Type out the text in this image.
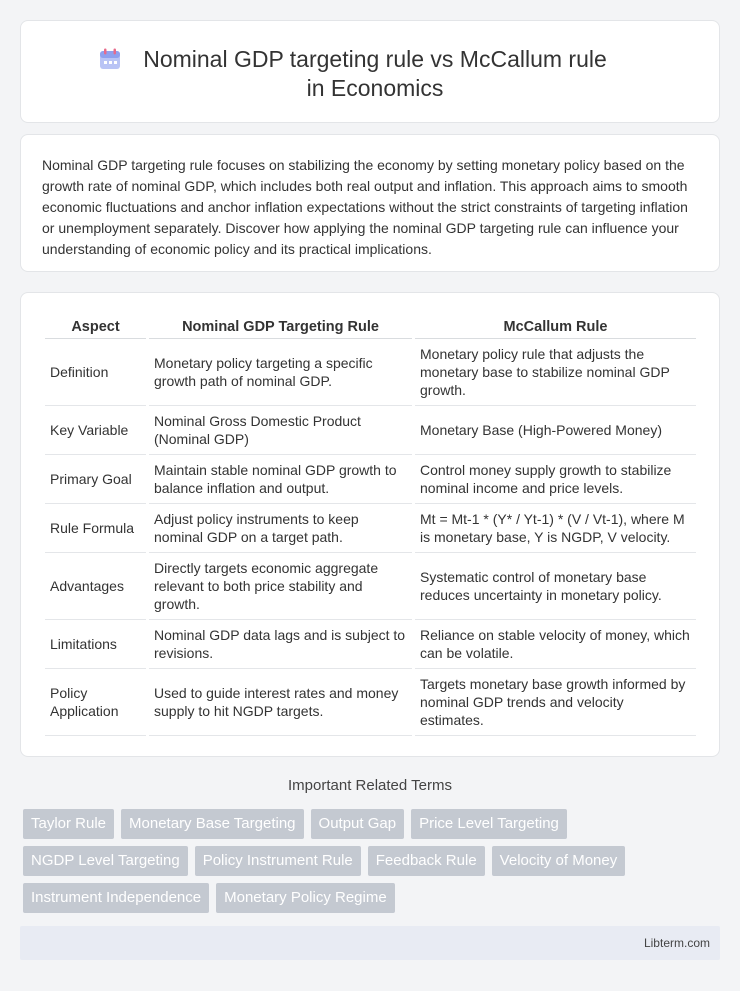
Nominal GDP targeting rule vs McCallum rule in Economics

Nominal GDP targeting rule focuses on stabilizing the economy by setting monetary policy based on the growth rate of nominal GDP, which includes both real output and inflation. This approach aims to smooth economic fluctuations and anchor inflation expectations without the strict constraints of targeting inflation or unemployment separately. Discover how applying the nominal GDP targeting rule can influence your understanding of economic policy and its practical implications.

Aspect	Nominal GDP Targeting Rule	McCallum Rule
Definition	Monetary policy targeting a specific growth path of nominal GDP.	Monetary policy rule that adjusts the monetary base to stabilize nominal GDP growth.
Key Variable	Nominal Gross Domestic Product (Nominal GDP)	Monetary Base (High-Powered Money)
Primary Goal	Maintain stable nominal GDP growth to balance inflation and output.	Control money supply growth to stabilize nominal income and price levels.
Rule Formula	Adjust policy instruments to keep nominal GDP on a target path.	Mt = Mt-1 * (Y* / Yt-1) * (V / Vt-1), where M is monetary base, Y is NGDP, V velocity.
Advantages	Directly targets economic aggregate relevant to both price stability and growth.	Systematic control of monetary base reduces uncertainty in monetary policy.
Limitations	Nominal GDP data lags and is subject to revisions.	Reliance on stable velocity of money, which can be volatile.
Policy Application	Used to guide interest rates and money supply to hit NGDP targets.	Targets monetary base growth informed by nominal GDP trends and velocity estimates.
Important Related Terms
Taylor Rule	Monetary Base Targeting	Output Gap	Price Level Targeting
NGDP Level Targeting	Policy Instrument Rule	Feedback Rule	Velocity of Money
Instrument Independence	Monetary Policy Regime
Libterm.com
